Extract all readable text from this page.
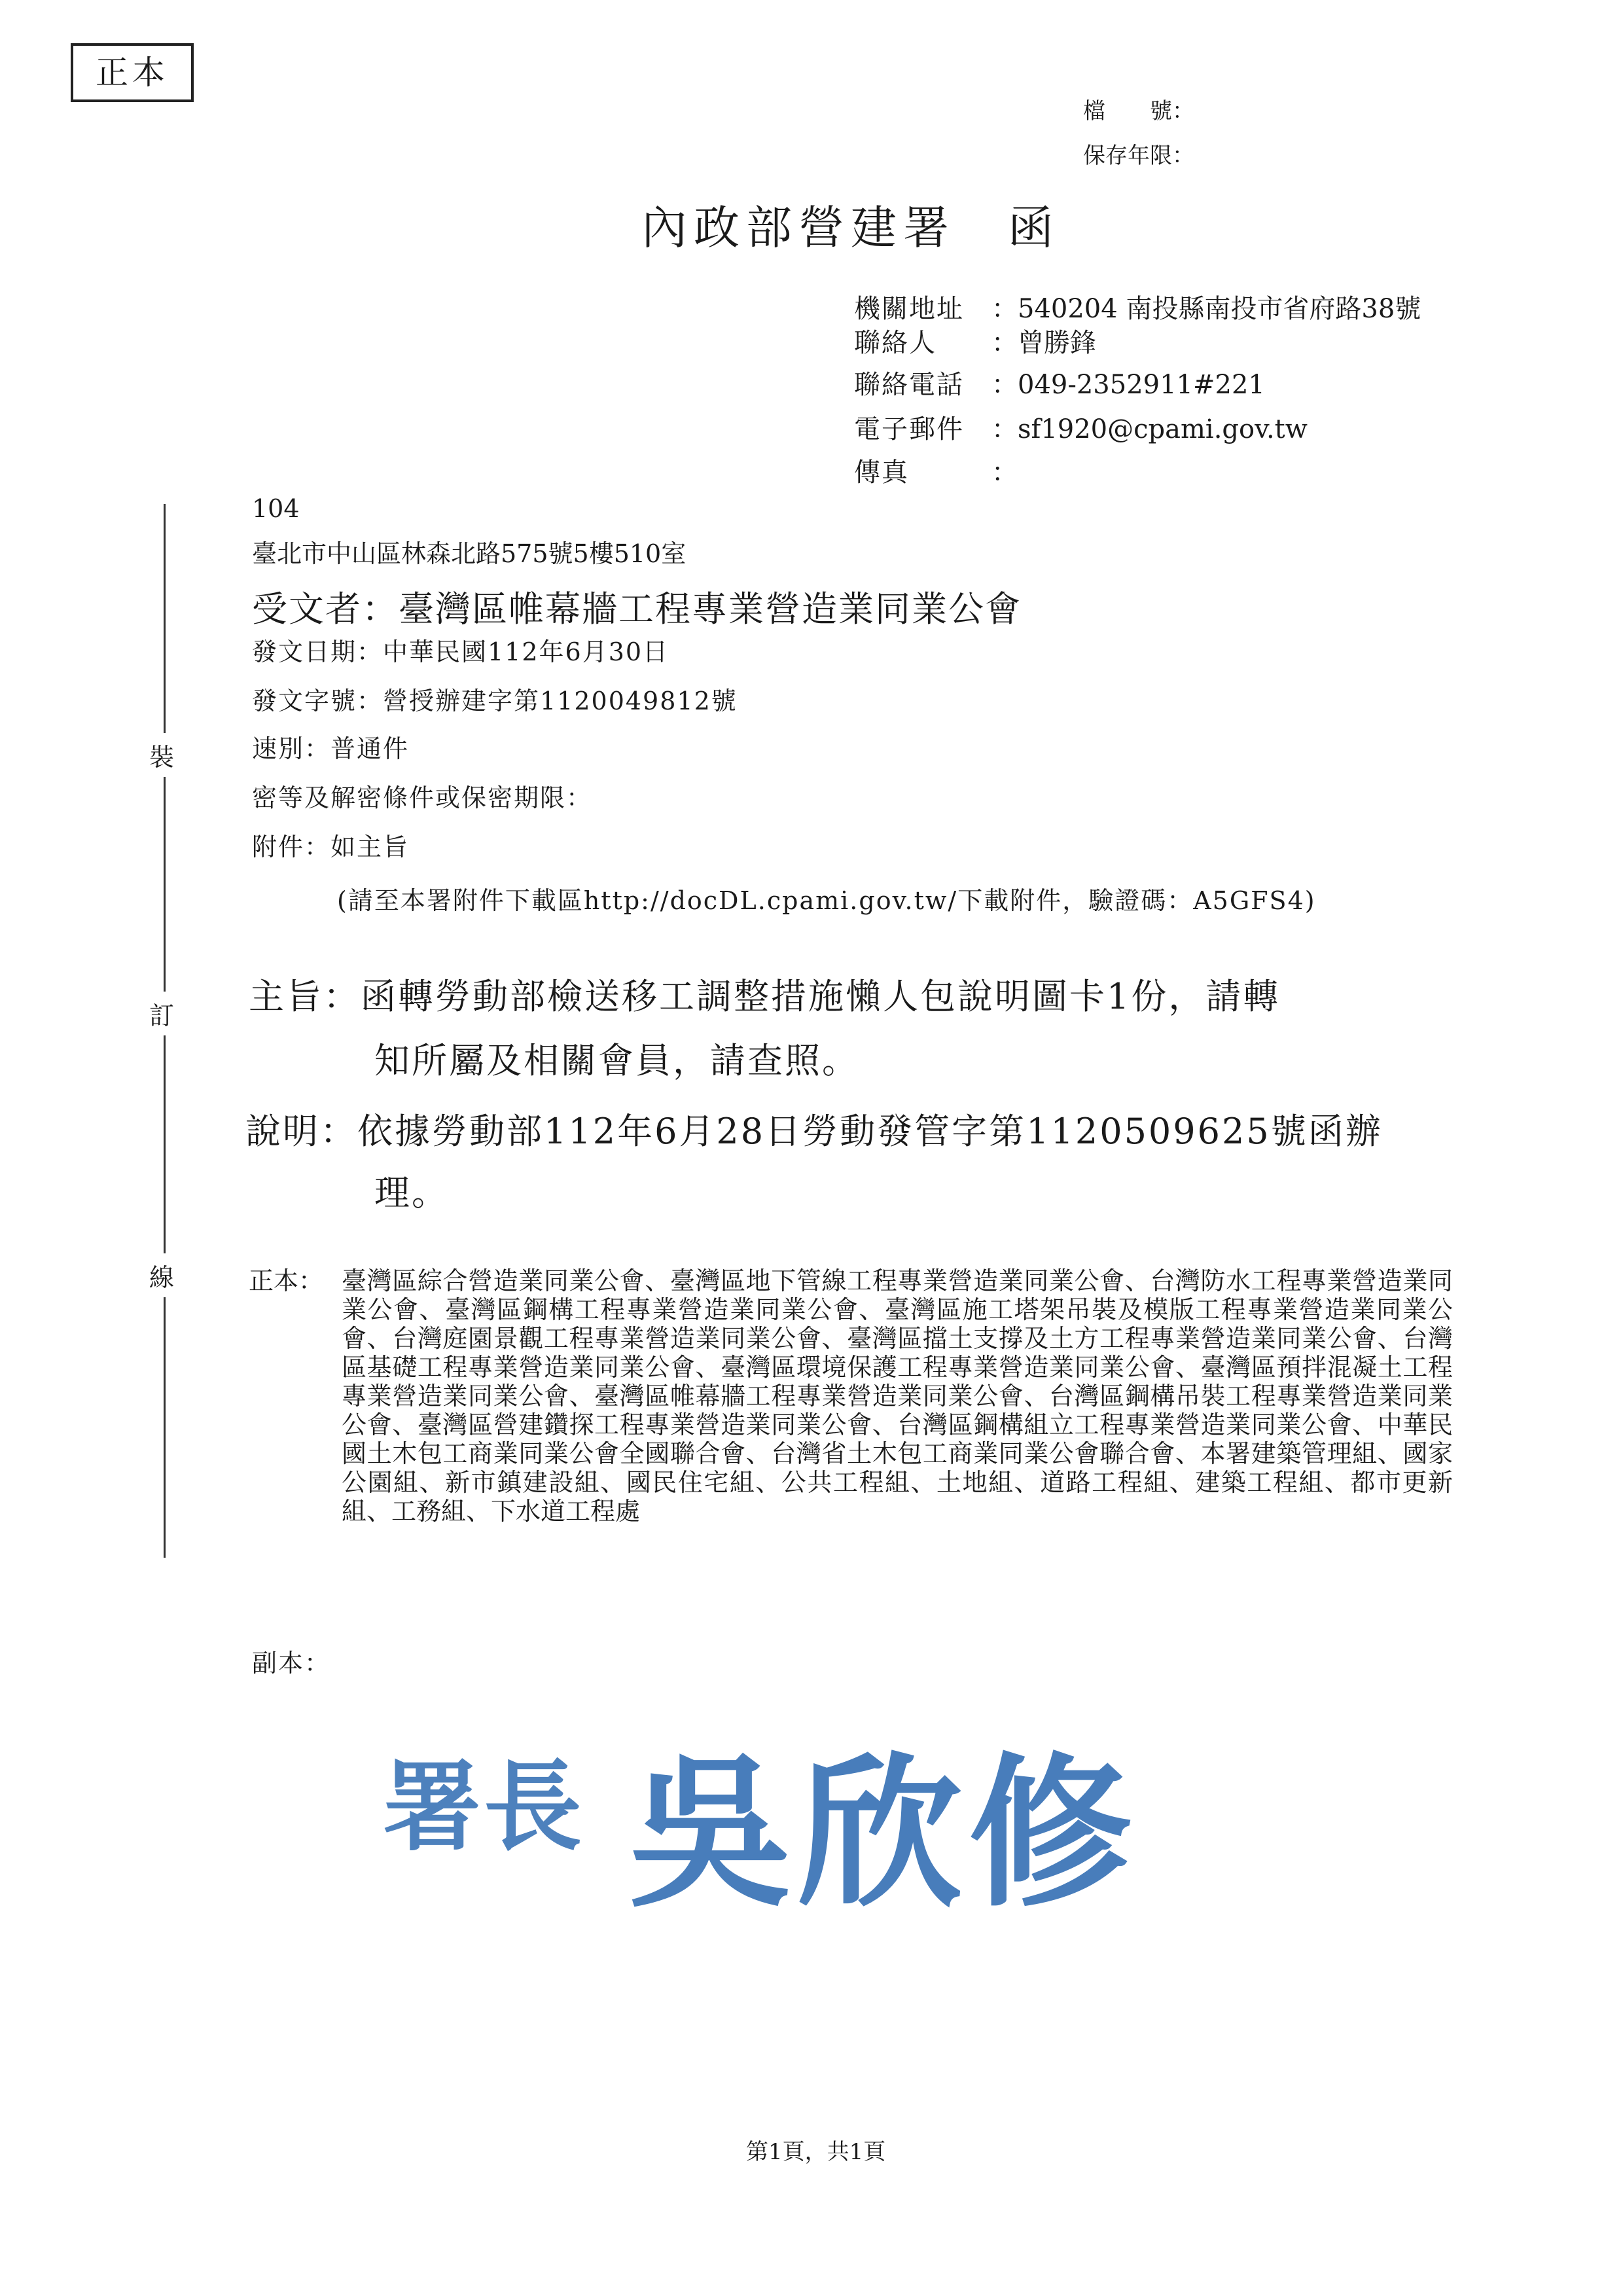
正本
檔　　號：
保存年限：
內政部營建署　函
機關地址 ：540204 南投縣南投市省府路38號
聯絡人 ：曾勝鋒
聯絡電話 ：049-2352911#221
電子郵件 ：sf1920@cpami.gov.tw
傳真	：
裝
訂
線
104
臺北市中山區林森北路575號5樓510室
受文者：臺灣區帷幕牆工程專業營造業同業公會
發文日期：中華民國112年6月30日
發文字號：營授辦建字第1120049812號
速別：普通件
密等及解密條件或保密期限：
附件：如主旨
(請至本署附件下載區http://docDL.cpami.gov.tw/下載附件，驗證碼：A5GFS4)
主旨：函轉勞動部檢送移工調整措施懶人包說明圖卡1份，請轉
知所屬及相關會員，請查照。
說明：依據勞動部112年6月28日勞動發管字第1120509625號函辦
理。
正本： 臺灣區綜合營造業同業公會、臺灣區地下管線工程專業營造業同業公會、台灣防水工程專業營造業同業公會、臺灣區鋼構工程專業營造業同業公會、臺灣區施工塔架吊裝及模版工程專業營造業同業公會、台灣庭園景觀工程專業營造業同業公會、臺灣區擋土支撐及土方工程專業營造業同業公會、台灣區基礎工程專業營造業同業公會、臺灣區環境保護工程專業營造業同業公會、臺灣區預拌混凝土工程專業營造業同業公會、臺灣區帷幕牆工程專業營造業同業公會、台灣區鋼構吊裝工程專業營造業同業公會、臺灣區營建鑽探工程專業營造業同業公會、台灣區鋼構組立工程專業營造業同業公會、中華民國土木包工商業同業公會全國聯合會、台灣省土木包工商業同業公會聯合會、本署建築管理組、國家公園組、新市鎮建設組、國民住宅組、公共工程組、土地組、道路工程組、建築工程組、都市更新組、工務組、下水道工程處
副本：
署長 吳欣修
第1頁，共1頁
